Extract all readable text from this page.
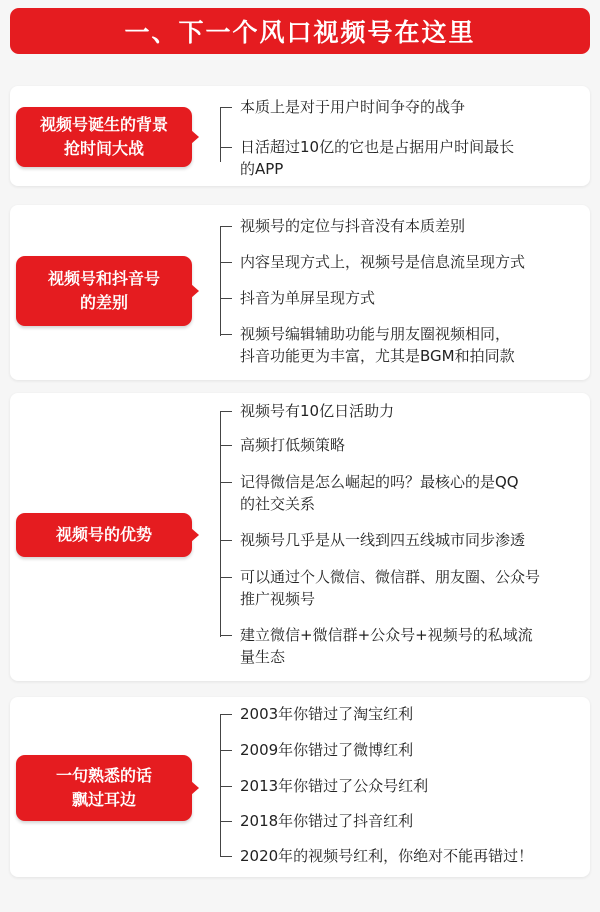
一、下一个风口视频号在这里
视频号诞生的背景
抢时间大战
本质上是对于用户时间争夺的战争
日活超过10亿的它也是占据用户时间最长
的APP
视频号和抖音号
的差别
视频号的定位与抖音没有本质差别
内容呈现方式上，视频号是信息流呈现方式
抖音为单屏呈现方式
视频号编辑辅助功能与朋友圈视频相同，
抖音功能更为丰富，尤其是BGM和拍同款
视频号的优势
视频号有10亿日活助力
高频打低频策略
记得微信是怎么崛起的吗？最核心的是QQ
的社交关系
视频号几乎是从一线到四五线城市同步渗透
可以通过个人微信、微信群、朋友圈、公众号
推广视频号
建立微信+微信群+公众号+视频号的私域流
量生态
一句熟悉的话
飘过耳边
2003年你错过了淘宝红利
2009年你错过了微博红利
2013年你错过了公众号红利
2018年你错过了抖音红利
2020年的视频号红利，你绝对不能再错过！
